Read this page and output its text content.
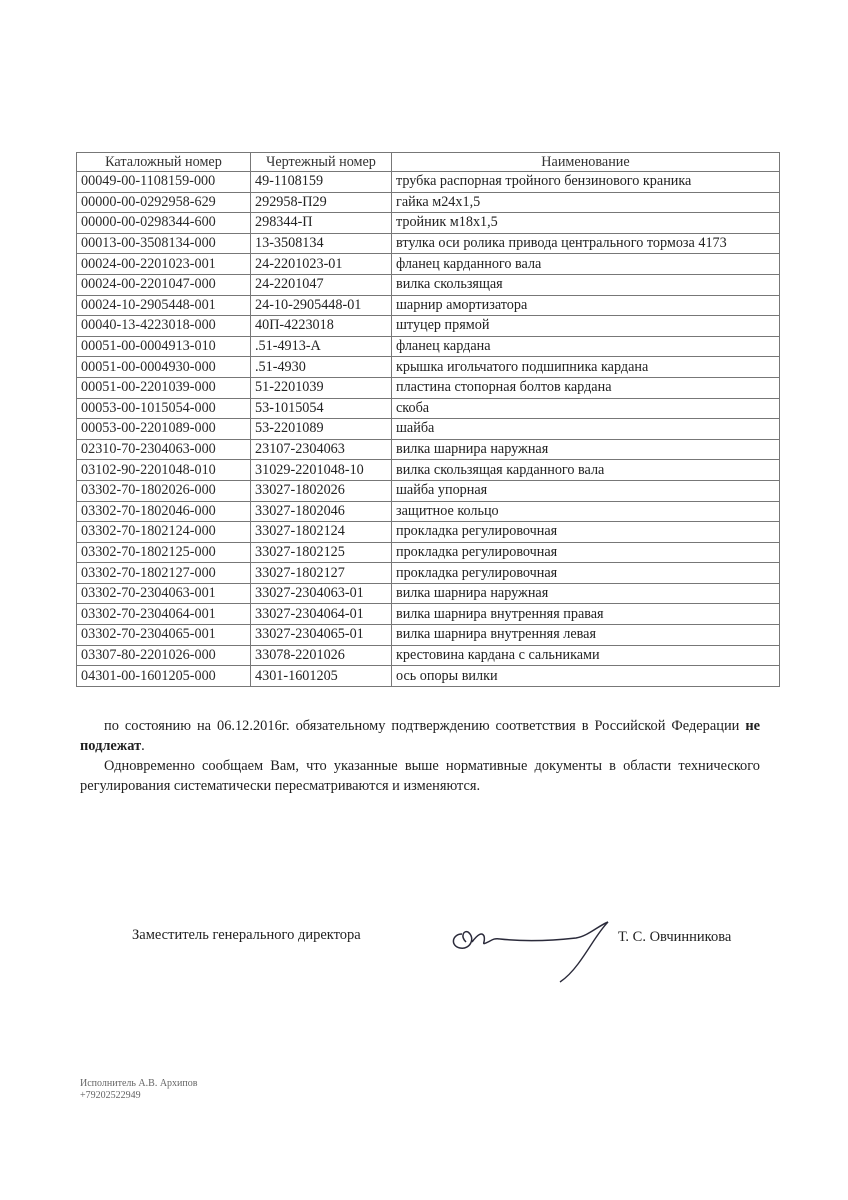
Каталожный номер	Чертежный номер	Наименование
00049-00-1108159-000	49-1108159	трубка распорная тройного бензинового краника
00000-00-0292958-629	292958-П29	гайка м24х1,5
00000-00-0298344-600	298344-П	тройник м18х1,5
00013-00-3508134-000	13-3508134	втулка оси ролика привода центрального тормоза 4173
00024-00-2201023-001	24-2201023-01	фланец карданного вала
00024-00-2201047-000	24-2201047	вилка скользящая
00024-10-2905448-001	24-10-2905448-01	шарнир амортизатора
00040-13-4223018-000	40П-4223018	штуцер прямой
00051-00-0004913-010	.51-4913-А	фланец кардана
00051-00-0004930-000	.51-4930	крышка игольчатого подшипника кардана
00051-00-2201039-000	51-2201039	пластина стопорная болтов кардана
00053-00-1015054-000	53-1015054	скоба
00053-00-2201089-000	53-2201089	шайба
02310-70-2304063-000	23107-2304063	вилка шарнира наружная
03102-90-2201048-010	31029-2201048-10	вилка скользящая карданного вала
03302-70-1802026-000	33027-1802026	шайба упорная
03302-70-1802046-000	33027-1802046	защитное кольцо
03302-70-1802124-000	33027-1802124	прокладка регулировочная
03302-70-1802125-000	33027-1802125	прокладка регулировочная
03302-70-1802127-000	33027-1802127	прокладка регулировочная
03302-70-2304063-001	33027-2304063-01	вилка шарнира наружная
03302-70-2304064-001	33027-2304064-01	вилка шарнира внутренняя правая
03302-70-2304065-001	33027-2304065-01	вилка шарнира внутренняя левая
03307-80-2201026-000	33078-2201026	крестовина кардана с сальниками
04301-00-1601205-000	4301-1601205	ось опоры вилки
по состоянию на 06.12.2016г. обязательному подтверждению соответствия в Российской Федерации не подлежат.
Одновременно сообщаем Вам, что указанные выше нормативные документы в области технического регулирования систематически пересматриваются и изменяются.
Заместитель генерального директора	Т. С. Овчинникова
Исполнитель А.В. Архипов
+79202522949
